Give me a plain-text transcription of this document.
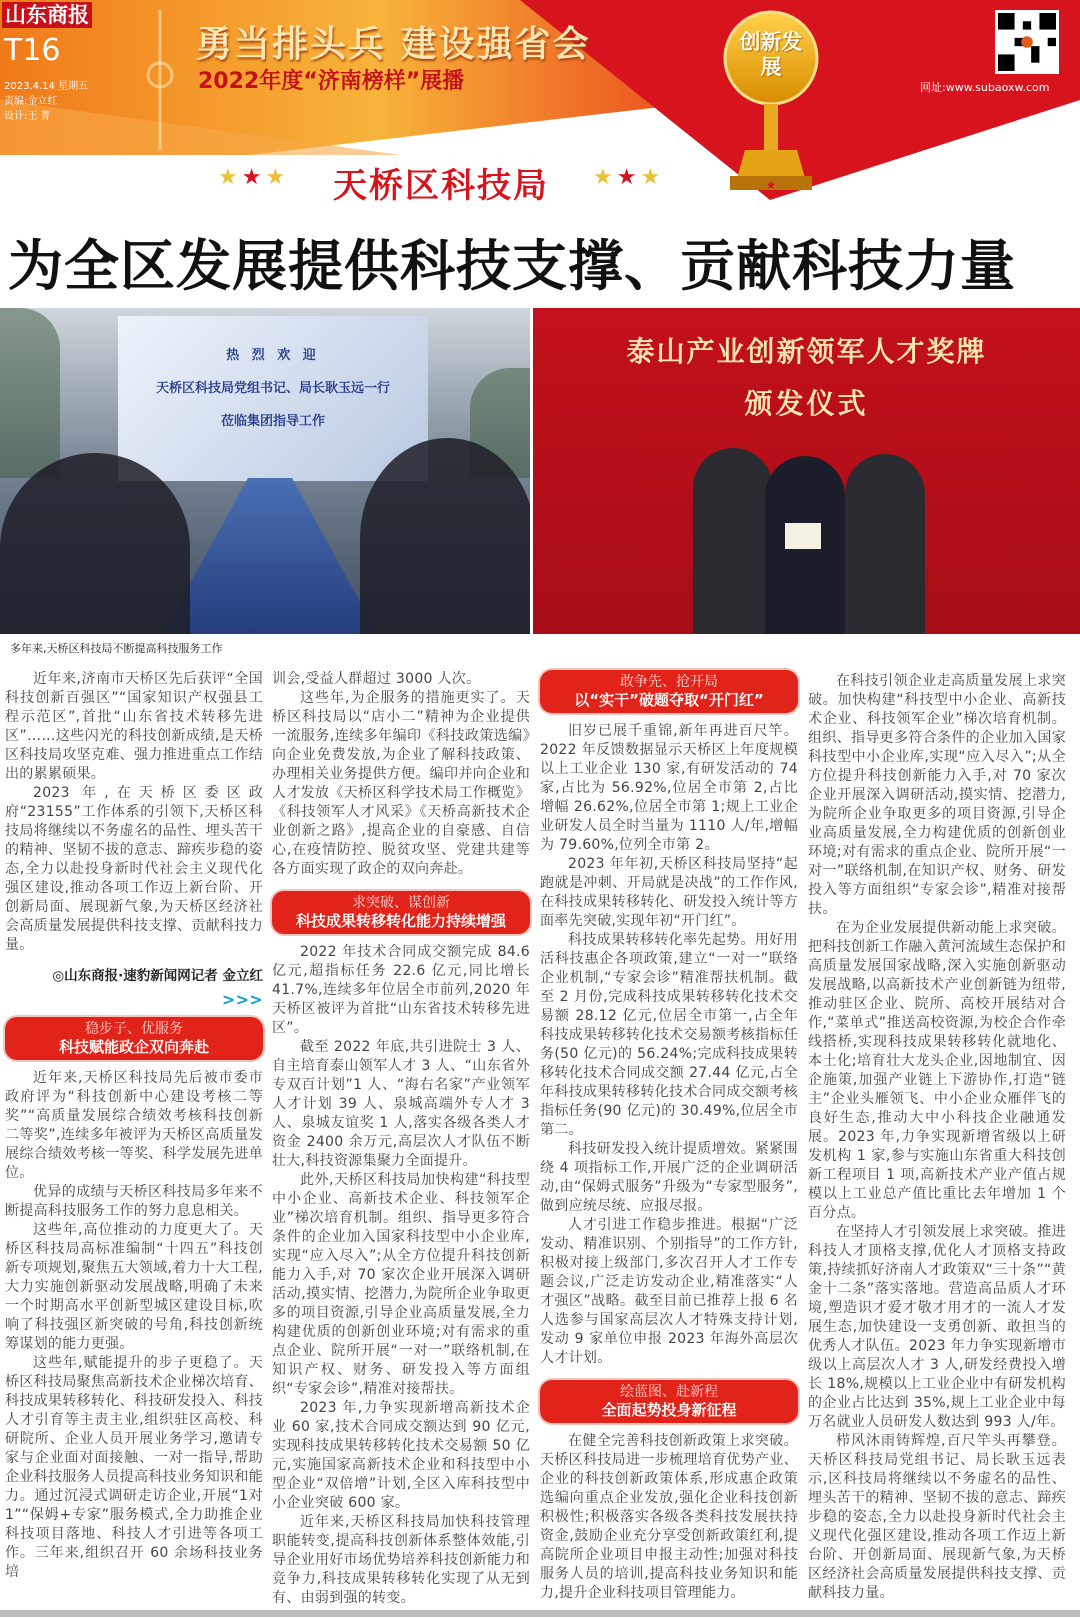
★
山东商报
T16
2023.4.14 星期五
责编:金立红
设计:王 菁
勇当排头兵 建设强省会
2022年度“济南榜样”展播
创新发展
网址:www.subaoxw.com
★★★ 天桥区科技局 ★★★
为全区发展提供科技支撑、贡献科技力量
热 烈 欢 迎
天桥区科技局党组书记、局长耿玉远一行
莅临集团指导工作
泰山产业创新领军人才奖牌
颁发仪式
多年来,天桥区科技局不断提高科技服务工作

近年来,济南市天桥区先后获评“全国科技创新百强区”“国家知识产权强县工程示范区”,首批“山东省技术转移先进区”……这些闪光的科技创新成绩,是天桥区科技局攻坚克难、强力推进重点工作结出的累累硕果。

2023 年,在天桥区委区政府“23155”工作体系的引领下,天桥区科技局将继续以不务虚名的品性、埋头苦干的精神、坚韧不拔的意志、蹄疾步稳的姿态,全力以赴投身新时代社会主义现代化强区建设,推动各项工作迈上新台阶、开创新局面、展现新气象,为天桥区经济社会高质量发展提供科技支撑、贡献科技力量。

◎山东商报·速豹新闻网记者 金立红
>>>
稳步子、优服务
科技赋能政企双向奔赴

近年来,天桥区科技局先后被市委市政府评为“科技创新中心建设考核二等奖”“高质量发展综合绩效考核科技创新二等奖”,连续多年被评为天桥区高质量发展综合绩效考核一等奖、科学发展先进单位。

优异的成绩与天桥区科技局多年来不断提高科技服务工作的努力息息相关。

这些年,高位推动的力度更大了。天桥区科技局高标准编制“十四五”科技创新专项规划,聚焦五大领域,着力十大工程,大力实施创新驱动发展战略,明确了未来一个时期高水平创新型城区建设目标,吹响了科技强区新突破的号角,科技创新统筹谋划的能力更强。

这些年,赋能提升的步子更稳了。天桥区科技局聚焦高新技术企业梯次培育、科技成果转移转化、科技研发投入、科技人才引育等主责主业,组织驻区高校、科研院所、企业人员开展业务学习,邀请专家与企业面对面接触、一对一指导,帮助企业科技服务人员提高科技业务知识和能力。通过沉浸式调研走访企业,开展“1对1”“保姆+专家”服务模式,全力助推企业科技项目落地、科技人才引进等各项工作。三年来,组织召开 60 余场科技业务培

训会,受益人群超过 3000 人次。

这些年,为企服务的措施更实了。天桥区科技局以“店小二”精神为企业提供一流服务,连续多年编印《科技政策选编》向企业免费发放,为企业了解科技政策、办理相关业务提供方便。编印并向企业和人才发放《天桥区科学技术局工作概览》《科技领军人才风采》《天桥高新技术企业创新之路》,提高企业的自豪感、自信心,在疫情防控、脱贫攻坚、党建共建等各方面实现了政企的双向奔赴。

求突破、谋创新
科技成果转移转化能力持续增强

2022 年技术合同成交额完成 84.6 亿元,超指标任务 22.6 亿元,同比增长 41.7%,连续多年位居全市前列,2020 年天桥区被评为首批“山东省技术转移先进区”。

截至 2022 年底,共引进院士 3 人、自主培育泰山领军人才 3 人、“山东省外专双百计划”1 人、“海右名家”产业领军人才计划 39 人、泉城高端外专人才 3 人、泉城友谊奖 1 人,落实各级各类人才资金 2400 余万元,高层次人才队伍不断壮大,科技资源集聚力全面提升。

此外,天桥区科技局加快构建“科技型中小企业、高新技术企业、科技领军企业”梯次培育机制。组织、指导更多符合条件的企业加入国家科技型中小企业库,实现“应入尽入”;从全方位提升科技创新能力入手,对 70 家次企业开展深入调研活动,摸实情、挖潜力,为院所企业争取更多的项目资源,引导企业高质量发展,全力构建优质的创新创业环境;对有需求的重点企业、院所开展“一对一”联络机制,在知识产权、财务、研发投入等方面组织“专家会诊”,精准对接帮扶。

2023 年,力争实现新增高新技术企业 60 家,技术合同成交额达到 90 亿元,实现科技成果转移转化技术交易额 50 亿元,实施国家高新技术企业和科技型中小型企业“双倍增”计划,全区入库科技型中小企业突破 600 家。

近年来,天桥区科技局加快科技管理职能转变,提高科技创新体系整体效能,引导企业用好市场优势培养科技创新能力和竞争力,科技成果转移转化实现了从无到有、由弱到强的转变。

敢争先、抢开局
以“实干”破题夺取“开门红”

旧岁已展千重锦,新年再进百尺竿。2022 年反馈数据显示天桥区上年度规模以上工业企业 130 家,有研发活动的 74 家,占比为 56.92%,位居全市第 2,占比增幅 26.62%,位居全市第 1;规上工业企业研发人员全时当量为 1110 人/年,增幅为 79.60%,位列全市第 2。

2023 年年初,天桥区科技局坚持“起跑就是冲刺、开局就是决战”的工作作风,在科技成果转移转化、研发投入统计等方面率先突破,实现年初“开门红”。

科技成果转移转化率先起势。用好用活科技惠企各项政策,建立“一对一”联络企业机制,“专家会诊”精准帮扶机制。截至 2 月份,完成科技成果转移转化技术交易额 28.12 亿元,位居全市第一,占全年科技成果转移转化技术交易额考核指标任务(50 亿元)的 56.24%;完成科技成果转移转化技术合同成交额 27.44 亿元,占全年科技成果转移转化技术合同成交额考核指标任务(90 亿元)的 30.49%,位居全市第二。

科技研发投入统计提质增效。紧紧围绕 4 项指标工作,开展广泛的企业调研活动,由“保姆式服务”升级为“专家型服务”,做到应统尽统、应报尽报。

人才引进工作稳步推进。根据“广泛发动、精准识别、个别指导”的工作方针,积极对接上级部门,多次召开人才工作专题会议,广泛走访发动企业,精准落实“人才强区”战略。截至目前已推荐上报 6 名人选参与国家高层次人才特殊支持计划,发动 9 家单位申报 2023 年海外高层次人才计划。

绘蓝图、赴新程
全面起势投身新征程

在健全完善科技创新政策上求突破。天桥区科技局进一步梳理培育优势产业、企业的科技创新政策体系,形成惠企政策选编向重点企业发放,强化企业科技创新积极性;积极落实各级各类科技发展扶持资金,鼓励企业充分享受创新政策红利,提高院所企业项目申报主动性;加强对科技服务人员的培训,提高科技业务知识和能力,提升企业科技项目管理能力。

在科技引领企业走高质量发展上求突破。加快构建“科技型中小企业、高新技术企业、科技领军企业”梯次培育机制。组织、指导更多符合条件的企业加入国家科技型中小企业库,实现“应入尽入”;从全方位提升科技创新能力入手,对 70 家次企业开展深入调研活动,摸实情、挖潜力,为院所企业争取更多的项目资源,引导企业高质量发展,全力构建优质的创新创业环境;对有需求的重点企业、院所开展“一对一”联络机制,在知识产权、财务、研发投入等方面组织“专家会诊”,精准对接帮扶。

在为企业发展提供新动能上求突破。把科技创新工作融入黄河流域生态保护和高质量发展国家战略,深入实施创新驱动发展战略,以高新技术产业创新链为纽带,推动驻区企业、院所、高校开展结对合作,“菜单式”推送高校资源,为校企合作牵线搭桥,实现科技成果转移转化就地化、本土化;培育壮大龙头企业,因地制宜、因企施策,加强产业链上下游协作,打造“链主”企业头雁领飞、中小企业众雁伴飞的良好生态,推动大中小科技企业融通发展。2023 年,力争实现新增省级以上研发机构 1 家,参与实施山东省重大科技创新工程项目 1 项,高新技术产业产值占规模以上工业总产值比重比去年增加 1 个百分点。

在坚持人才引领发展上求突破。推进科技人才顶格支撑,优化人才顶格支持政策,持续抓好济南人才政策双“三十条”“黄金十二条”落实落地。营造高品质人才环境,塑造识才爱才敬才用才的一流人才发展生态,加快建设一支勇创新、敢担当的优秀人才队伍。2023 年力争实现新增市级以上高层次人才 3 人,研发经费投入增长 18%,规模以上工业企业中有研发机构的企业占比达到 35%,规上工业企业中每万名就业人员研发人数达到 993 人/年。

栉风沐雨铸辉煌,百尺竿头再攀登。天桥区科技局党组书记、局长耿玉远表示,区科技局将继续以不务虚名的品性、埋头苦干的精神、坚韧不拔的意志、蹄疾步稳的姿态,全力以赴投身新时代社会主义现代化强区建设,推动各项工作迈上新台阶、开创新局面、展现新气象,为天桥区经济社会高质量发展提供科技支撑、贡献科技力量。
